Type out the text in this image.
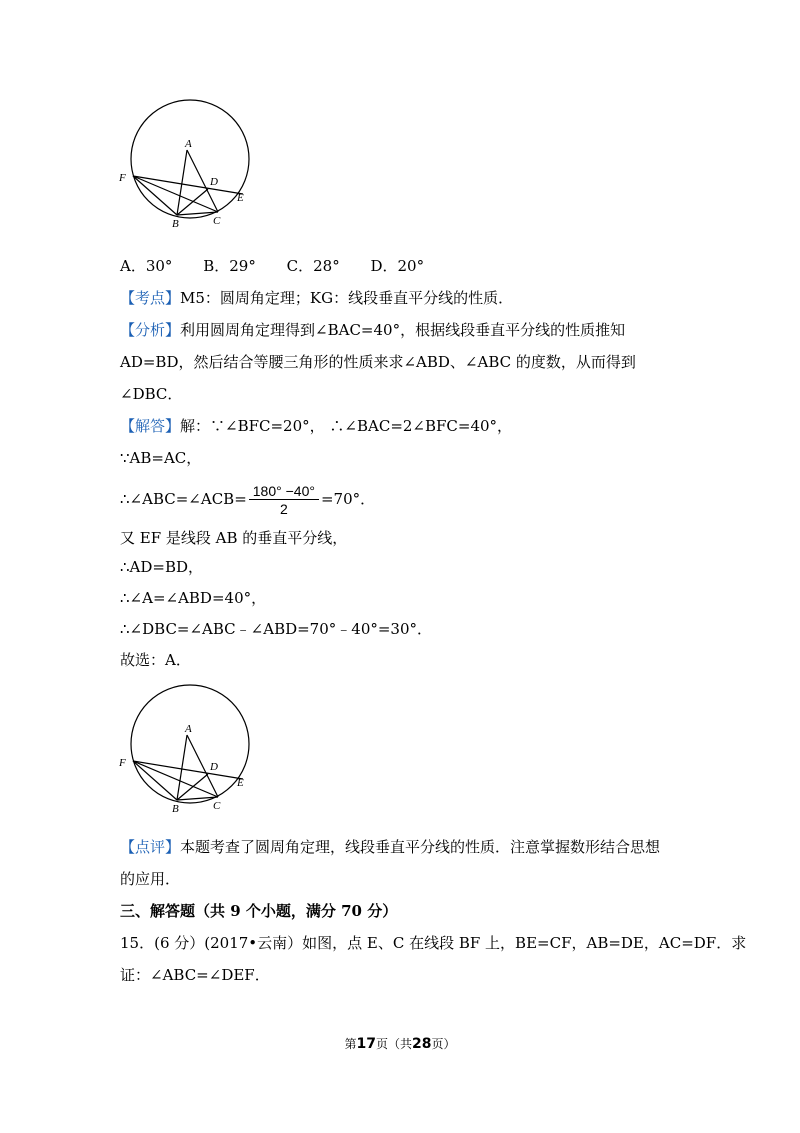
A
D
F
E
C
B
A．30° B．29° C．28° D．20°
【考点】M5：圆周角定理；KG：线段垂直平分线的性质．
【分析】利用圆周角定理得到∠BAC=40°，根据线段垂直平分线的性质推知
AD=BD，然后结合等腰三角形的性质来求∠ABD、∠ABC 的度数，从而得到
∠DBC．
【解答】解：∵∠BFC=20°， ∴∠BAC=2∠BFC=40°，
∵AB=AC，
∴∠ABC=∠ACB= $\frac{180^\circ -40^\circ}{2} =70^\circ$．
又 EF 是线段 AB 的垂直平分线，
∴AD=BD，
∴∠A=∠ABD=40°，
∴∠DBC=∠ABC﹣∠ABD=70°﹣40°=30°．
故选：A．
A
D
F
E
C
B
【点评】本题考查了圆周角定理，线段垂直平分线的性质．注意掌握数形结合思想
的应用．
三、解答题（共 9 个小题，满分 70 分）
15．(6 分）(2017•云南）如图，点 E、C 在线段 BF 上，BE=CF，AB=DE，AC=DF．求
证：∠ABC=∠DEF．
第17页（共28页）
